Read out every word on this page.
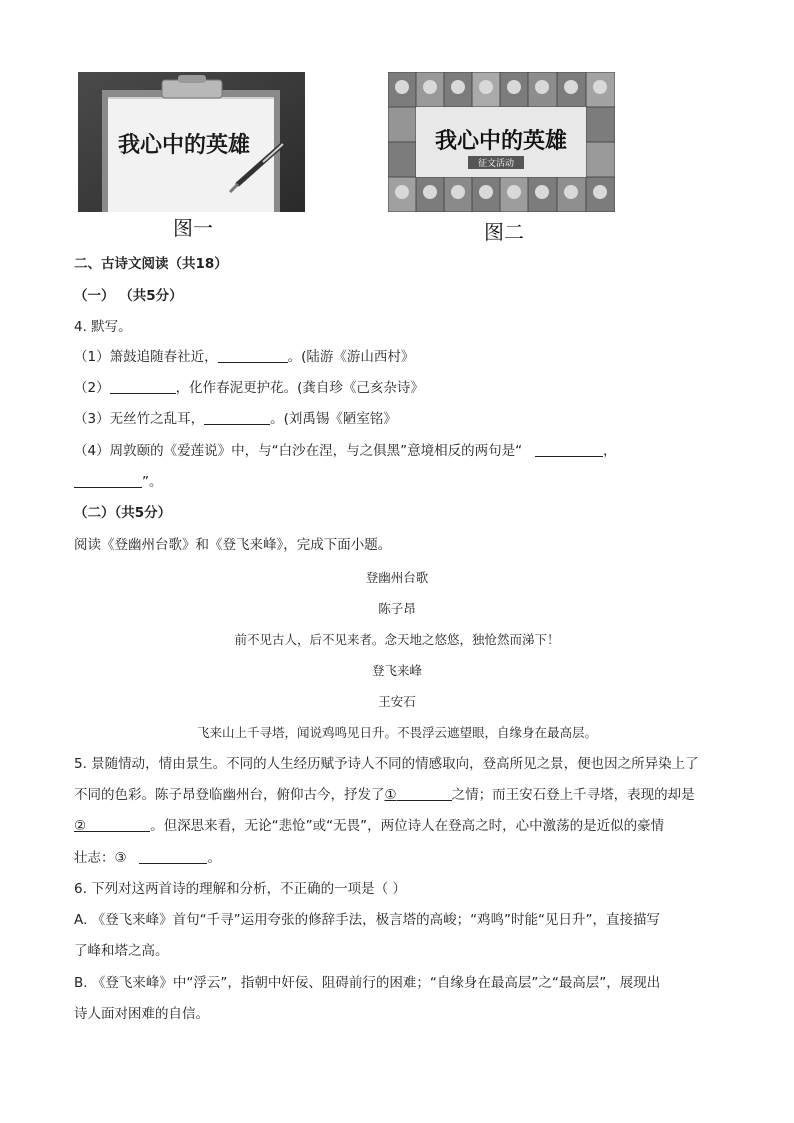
我心中的英雄
图一
我心中的英雄
征文活动
图二
二、古诗文阅读（共18）
（一） （共5分）
4. 默写。
（1）箫鼓追随春社近，	。(陆游《游山西村》
（2）	，化作春泥更护花。(龚自珍《己亥杂诗》
（3）无丝竹之乱耳，	。(刘禹锡《陋室铭》
（4）周敦颐的《爱莲说》中，与“白沙在涅，与之俱黑”意境相反的两句是“	，
”。
（二）（共5分）
阅读《登幽州台歌》和《登飞来峰》，完成下面小题。
登幽州台歌
陈子昂
前不见古人，后不见来者。念天地之悠悠，独怆然而涕下！
登飞来峰
王安石
飞来山上千寻塔，闻说鸡鸣见日升。不畏浮云遮望眼，自缘身在最高层。
5. 景随情动，情由景生。不同的人生经历赋予诗人不同的情感取向，登高所见之景，便也因之所异染上了
不同的色彩。陈子昂登临幽州台，俯仰古今，抒发了①	之情；而王安石登上千寻塔，表现的却是
②	。但深思来看，无论“悲怆”或“无畏”，两位诗人在登高之时，心中激荡的是近似的豪情
壮志：③	。
6. 下列对这两首诗的理解和分析，不正确的一项是（ ）
A. 《登飞来峰》首句“千寻”运用夸张的修辞手法，极言塔的高峻；“鸡鸣”时能“见日升”，直接描写
了峰和塔之高。
B. 《登飞来峰》中“浮云”，指朝中奸佞、阻碍前行的困难；“自缘身在最高层”之“最高层”，展现出
诗人面对困难的自信。
